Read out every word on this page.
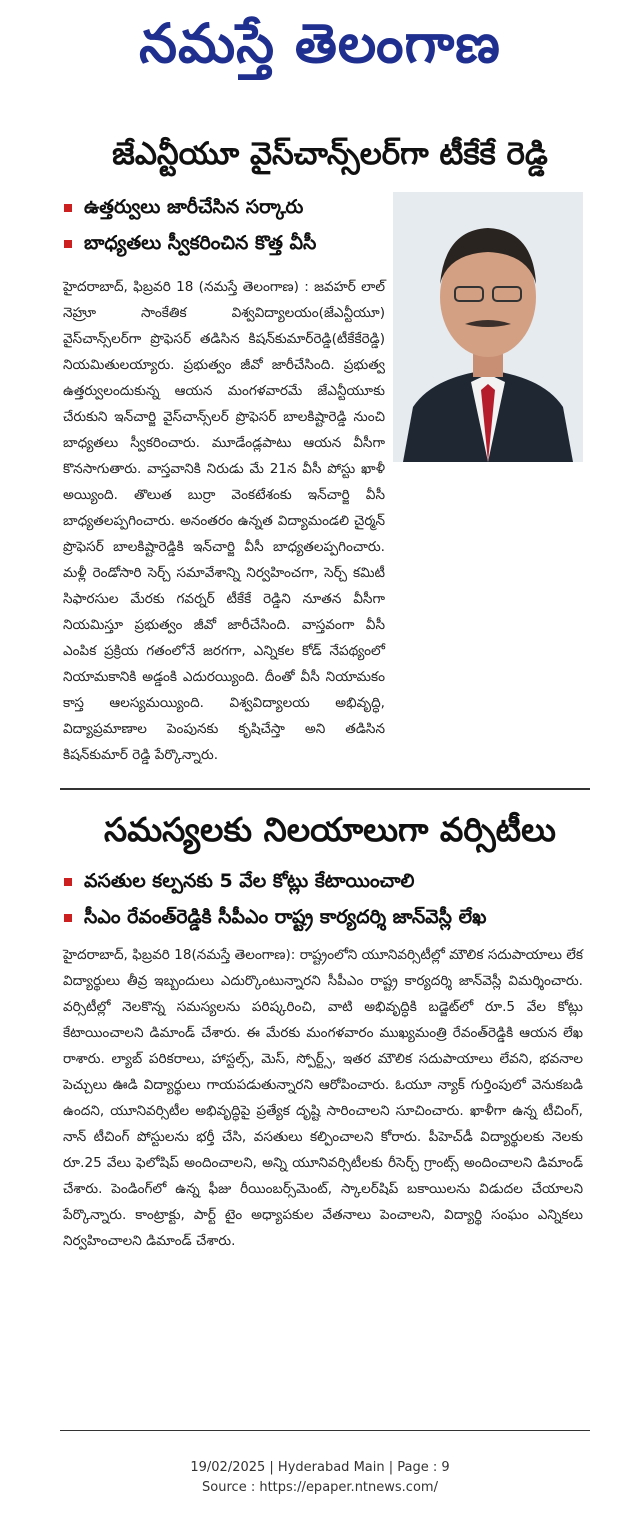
నమస్తే తెలంగాణ
జేఎన్టీయూ వైస్‌చాన్స్‌లర్‌గా టీకేకే రెడ్డి
ఉత్తర్వులు జారీచేసిన సర్కారు
బాధ్యతలు స్వీకరించిన కొత్త వీసీ
హైదరాబాద్‌, ఫిబ్రవరి 18 (నమస్తే తెలంగాణ) : జవహర్‌ లాల్‌ నెహ్రూ సాంకేతిక విశ్వవిద్యాలయం(జేఎన్టీయూ) వైస్‌చాన్స్‌లర్‌గా ప్రొఫెసర్‌ తడిసిన కిషన్‌కుమార్‌రెడ్డి(టీకేకేరెడ్డి) నియమితులయ్యారు. ప్రభుత్వం జీవో జారీచేసింది. ప్రభుత్వ ఉత్తర్వులందుకున్న ఆయన మంగళవారమే జేఎన్టీయూకు చేరుకుని ఇన్‌చార్జి వైస్‌చాన్స్‌లర్‌ ప్రొఫెసర్‌ బాలకిష్టారెడ్డి నుంచి బాధ్యతలు స్వీకరించారు. మూడేండ్లపాటు ఆయన వీసీగా కొనసాగుతారు. వాస్తవానికి నిరుడు మే 21న వీసీ పోస్టు ఖాళీ అయ్యింది. తొలుత బుర్రా వెంకటేశంకు ఇన్‌చార్జి వీసీ బాధ్యతలప్పగించారు. అనంతరం ఉన్నత విద్యామండలి చైర్మన్‌ ప్రొఫెసర్‌ బాలకిష్టారెడ్డికి ఇన్‌చార్జి వీసీ బాధ్యతలప్పగించారు. మళ్లీ రెండోసారి సెర్చ్‌ సమావేశాన్ని నిర్వహించగా, సెర్చ్‌ కమిటీ సిఫారసుల మేరకు గవర్నర్‌ టీకేకే రెడ్డిని నూతన వీసీగా నియమిస్తూ ప్రభుత్వం జీవో జారీచేసింది. వాస్తవంగా వీసీ ఎంపిక ప్రక్రియ గతంలోనే జరగగా, ఎన్నికల కోడ్‌ నేపథ్యంలో నియామకానికి అడ్డంకి ఎదురయ్యింది. దీంతో వీసీ నియామకం కాస్త ఆలస్యమయ్యింది. విశ్వవిద్యాలయ అభివృద్ధి, విద్యాప్రమాణాల పెంపునకు కృషిచేస్తా అని తడిసిన కిషన్‌కుమార్‌ రెడ్డి పేర్కొన్నారు.
సమస్యలకు నిలయాలుగా వర్సిటీలు
వసతుల కల్పనకు 5 వేల కోట్లు కేటాయించాలి
సీఎం రేవంత్‌రెడ్డికి సీపీఎం రాష్ట్ర కార్యదర్శి జాన్‌వెస్లీ లేఖ
హైదరాబాద్‌, ఫిబ్రవరి 18(నమస్తే తెలంగాణ): రాష్ట్రంలోని యూనివర్సిటీల్లో మౌలిక సదుపాయాలు లేక విద్యార్థులు తీవ్ర ఇబ్బందులు ఎదుర్కొంటున్నారని సీపీఎం రాష్ట్ర కార్యదర్శి జాన్‌వెస్లీ విమర్శించారు. వర్సిటీల్లో నెలకొన్న సమస్యలను పరిష్కరించి, వాటి అభివృద్ధికి బడ్జెట్‌లో రూ.5 వేల కోట్లు కేటాయించాలని డిమాండ్‌ చేశారు. ఈ మేరకు మంగళవారం ముఖ్యమంత్రి రేవంత్‌రెడ్డికి ఆయన లేఖ రాశారు. ల్యాబ్‌ పరికరాలు, హాస్టల్స్‌, మెస్‌, స్పోర్ట్స్‌, ఇతర మౌలిక సదుపాయాలు లేవని, భవనాల పెచ్చులు ఊడి విద్యార్థులు గాయపడుతున్నారని ఆరోపించారు. ఓయూ న్యాక్‌ గుర్తింపులో వెనుకబడి ఉందని, యూనివర్సిటీల అభివృద్ధిపై ప్రత్యేక దృష్టి సారించాలని సూచించారు. ఖాళీగా ఉన్న టీచింగ్‌, నాన్‌ టీచింగ్‌ పోస్టులను భర్తీ చేసి, వసతులు కల్పించాలని కోరారు. పీహెచ్‌డీ విద్యార్థులకు నెలకు రూ.25 వేలు ఫెలోషిప్‌ అందించాలని, అన్ని యూనివర్సిటీలకు రీసెర్చ్‌ గ్రాంట్స్‌ అందించాలని డిమాండ్‌ చేశారు. పెండింగ్‌లో ఉన్న ఫీజు రీయింబర్స్‌మెంట్‌, స్కాలర్‌షిప్‌ బకాయిలను విడుదల చేయాలని పేర్కొన్నారు. కాంట్రాక్టు, పార్ట్‌ టైం అధ్యాపకుల వేతనాలు పెంచాలని, విద్యార్థి సంఘం ఎన్నికలు నిర్వహించాలని డిమాండ్‌ చేశారు.
19/02/2025 | Hyderabad Main | Page : 9
Source : https://epaper.ntnews.com/
